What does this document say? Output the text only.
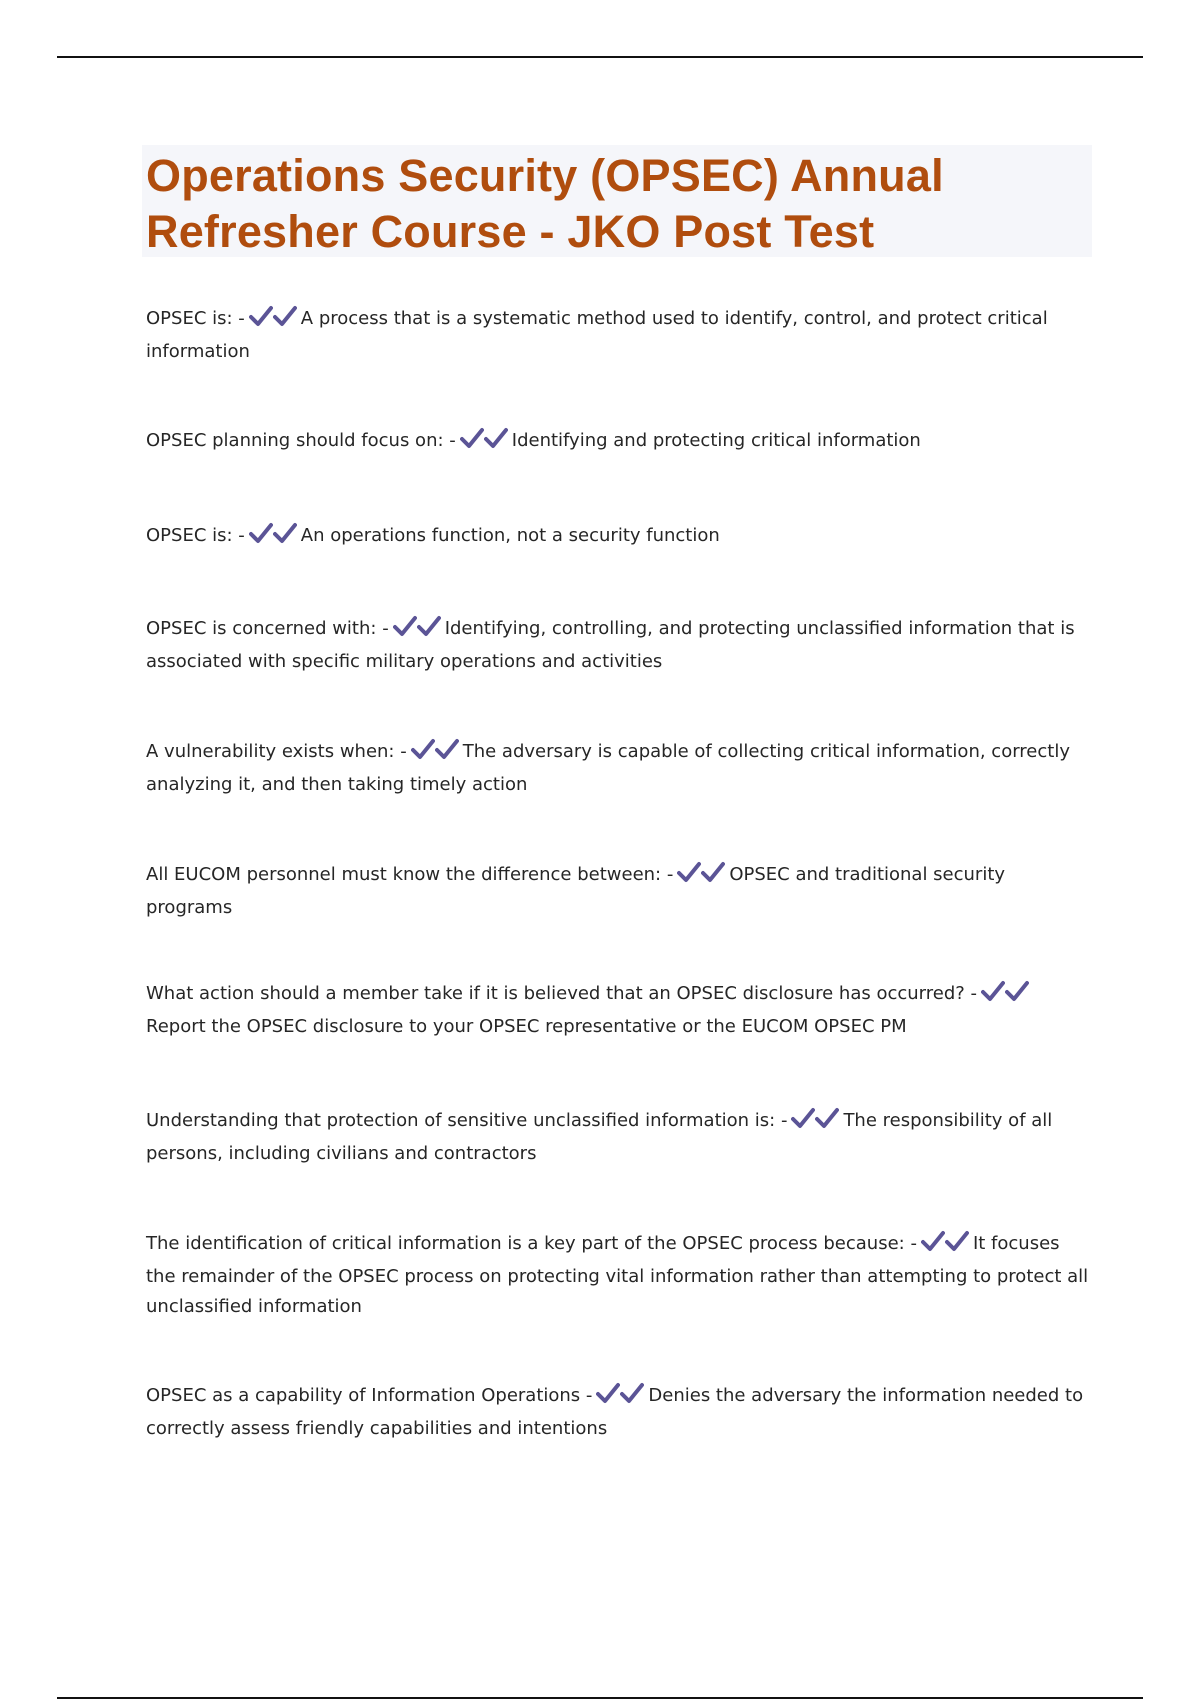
Operations Security (OPSEC) Annual Refresher Course - JKO Post Test

OPSEC is: -	A process that is a systematic method used to identify, control, and protect critical information

OPSEC planning should focus on: -	Identifying and protecting critical information

OPSEC is: -	An operations function, not a security function

OPSEC is concerned with: -	Identifying, controlling, and protecting unclassified information that is associated with specific military operations and activities

A vulnerability exists when: -	The adversary is capable of collecting critical information, correctly analyzing it, and then taking timely action

All EUCOM personnel must know the difference between: -	OPSEC and traditional security programs

What action should a member take if it is believed that an OPSEC disclosure has occurred? -
Report the OPSEC disclosure to your OPSEC representative or the EUCOM OPSEC PM

Understanding that protection of sensitive unclassified information is: -	The responsibility of all persons, including civilians and contractors

The identification of critical information is a key part of the OPSEC process because: -	It focuses the remainder of the OPSEC process on protecting vital information rather than attempting to protect all unclassified information

OPSEC as a capability of Information Operations -	Denies the adversary the information needed to correctly assess friendly capabilities and intentions
